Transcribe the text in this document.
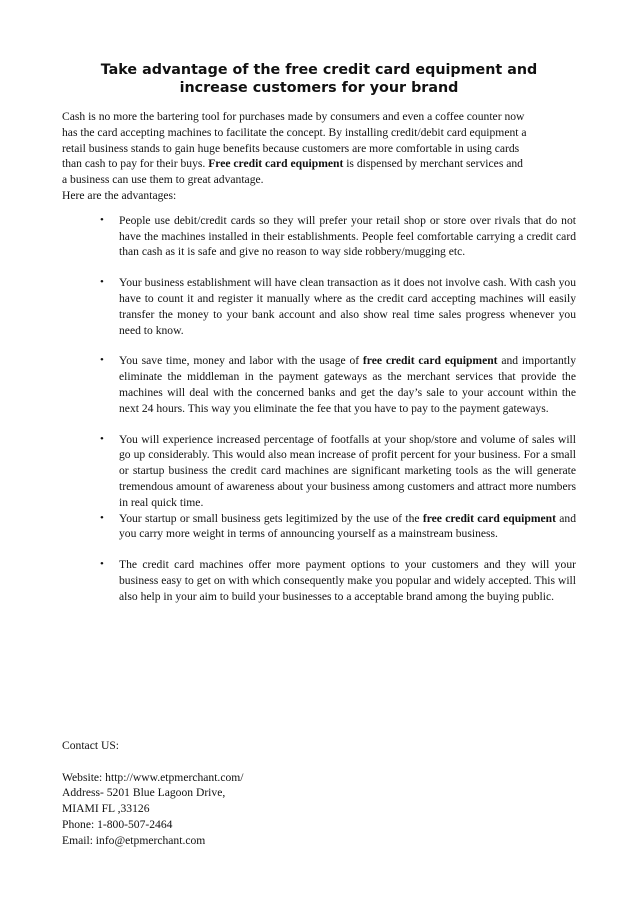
Take advantage of the free credit card equipment and
increase customers for your brand

Cash is no more the bartering tool for purchases made by consumers and even a coffee counter now
has the card accepting machines to facilitate the concept. By installing credit/debit card equipment a
retail business stands to gain huge benefits because customers are more comfortable in using cards
than cash to pay for their buys. Free credit card equipment is dispensed by merchant services and
a business can use them to great advantage.
Here are the advantages:

• People use debit/credit cards so they will prefer your retail shop or store over rivals that do not have the machines installed in their establishments. People feel comfortable carrying a credit card than cash as it is safe and give no reason to way side robbery/mugging etc.
• Your business establishment will have clean transaction as it does not involve cash. With cash you have to count it and register it manually where as the credit card accepting machines will easily transfer the money to your bank account and also show real time sales progress whenever you need to know.
• You save time, money and labor with the usage of free credit card equipment and importantly eliminate the middleman in the payment gateways as the merchant services that provide the machines will deal with the concerned banks and get the day’s sale to your account within the next 24 hours. This way you eliminate the fee that you have to pay to the payment gateways.
• You will experience increased percentage of footfalls at your shop/store and volume of sales will go up considerably. This would also mean increase of profit percent for your business. For a small or startup business the credit card machines are significant marketing tools as the will generate tremendous amount of awareness about your business among customers and attract more numbers in real quick time.
• Your startup or small business gets legitimized by the use of the free credit card equipment and you carry more weight in terms of announcing yourself as a mainstream business.
• The credit card machines offer more payment options to your customers and they will your business easy to get on with which consequently make you popular and widely accepted. This will also help in your aim to build your businesses to a acceptable brand among the buying public.
Contact US:
Website: http://www.etpmerchant.com/
Address- 5201 Blue Lagoon Drive,
MIAMI FL ,33126
Phone: 1-800-507-2464
Email: info@etpmerchant.com
